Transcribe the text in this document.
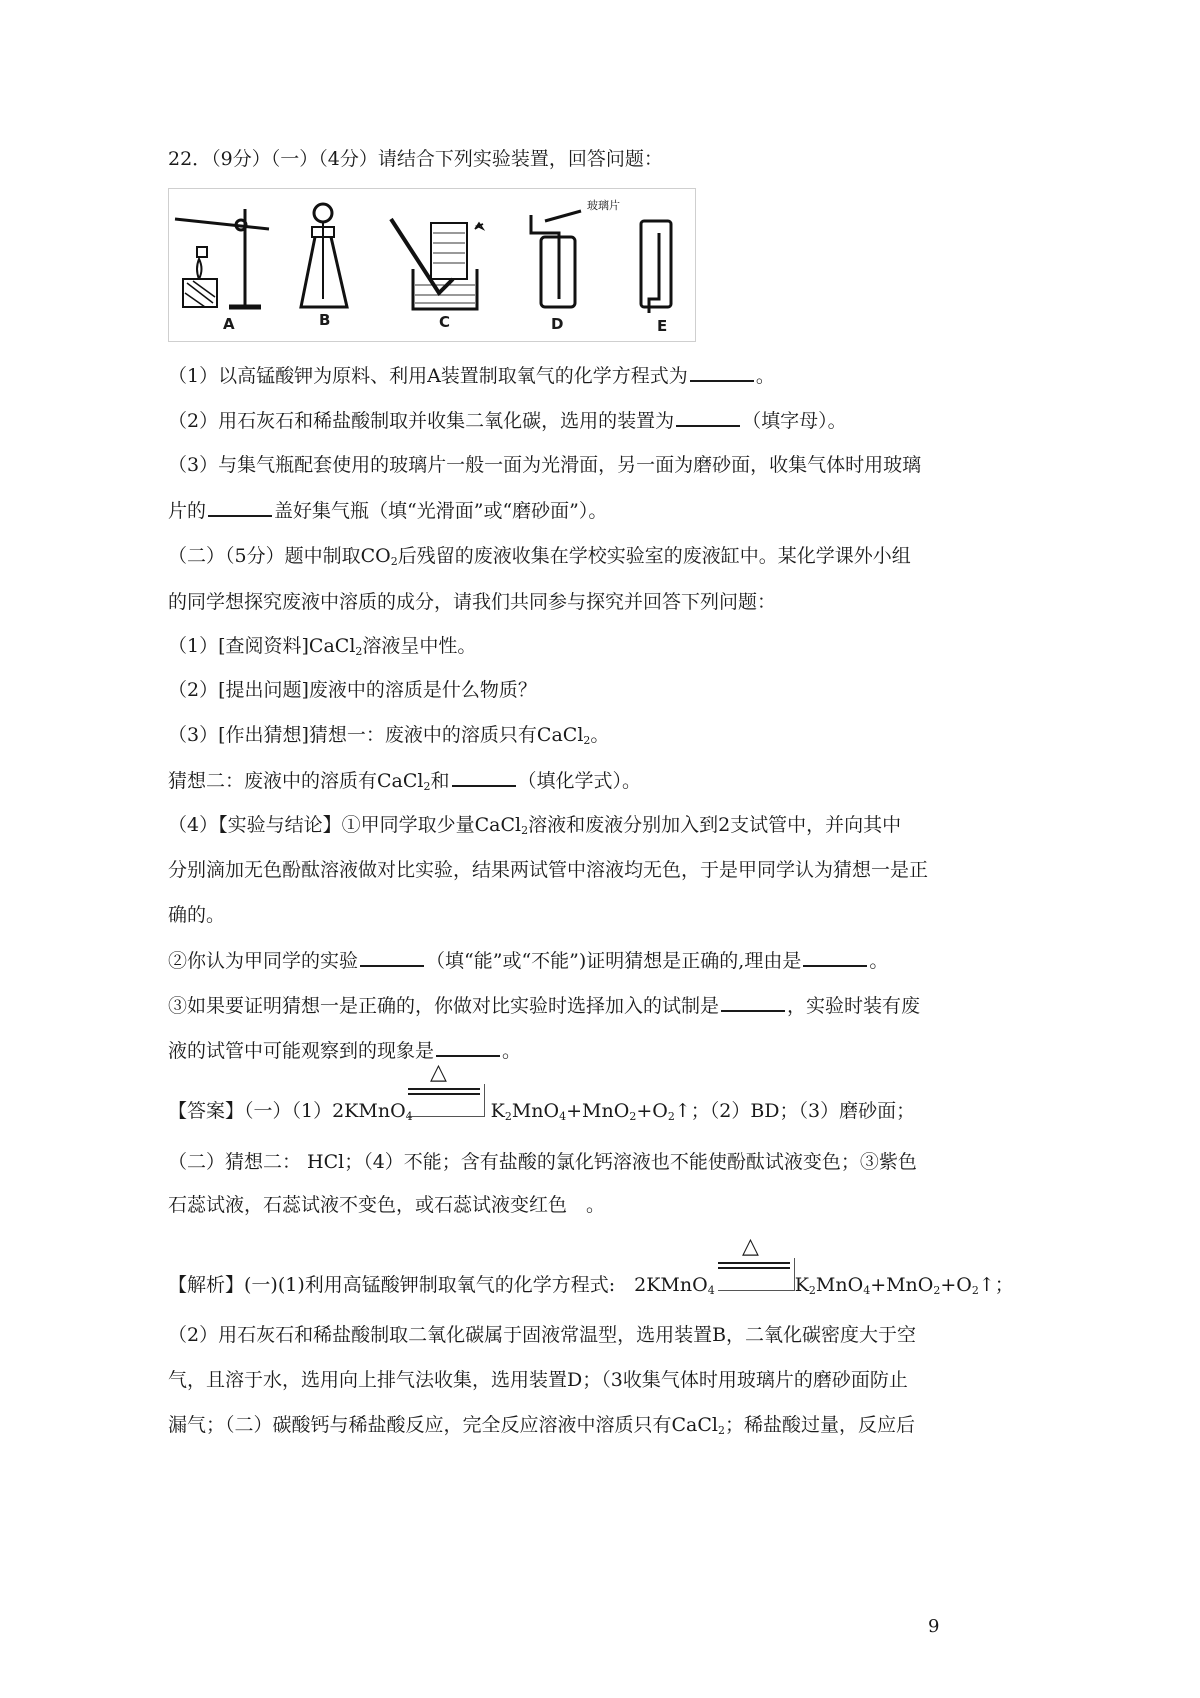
22．（9分）（一）（4分）请结合下列实验装置，回答问题：
玻璃片
A	B	C	D	E
（1）以高锰酸钾为原料、利用A装置制取氧气的化学方程式为	。
（2）用石灰石和稀盐酸制取并收集二氧化碳，选用的装置为	（填字母）。
（3）与集气瓶配套使用的玻璃片一般一面为光滑面，另一面为磨砂面，收集气体时用玻璃
片的	盖好集气瓶（填“光滑面”或“磨砂面”）。
（二）（5分）题中制取$CO_2$后残留的废液收集在学校实验室的废液缸中。某化学课外小组
的同学想探究废液中溶质的成分，请我们共同参与探究并回答下列问题：
（1）[查阅资料]CaCl$_2$溶液呈中性。
（2）[提出问题]废液中的溶质是什么物质？
（3）[作出猜想]猜想一：废液中的溶质只有CaCl$_2$。
猜想二：废液中的溶质有CaCl$_2$和	（填化学式）。
（4）【实验与结论】①甲同学取少量CaCl$_2$溶液和废液分别加入到2支试管中，并向其中
分别滴加无色酚酞溶液做对比实验，结果两试管中溶液均无色，于是甲同学认为猜想一是正
确的。
②你认为甲同学的实验	（填“能”或“不能”)证明猜想是正确的,理由是	。
③如果要证明猜想一是正确的，你做对比实验时选择加入的试制是	，实验时装有废
液的试管中可能观察到的现象是	。
△
【答案】（一）（1）2KMnO$_4$	$K_2MnO_4+MnO_2+O_2↑$；（2）BD；（3）磨砂面；
（二）猜想二： HCl；（4）不能；含有盐酸的氯化钙溶液也不能使酚酞试液变色；③紫色
石蕊试液，石蕊试液不变色，或石蕊试液变红色　。
△
【解析】(一)(1)利用高锰酸钾制取氧气的化学方程式:　2KMnO$_4$	$K_2MnO_4+MnO_2+O_2↑$；
（2）用石灰石和稀盐酸制取二氧化碳属于固液常温型，选用装置B，二氧化碳密度大于空
气，且溶于水，选用向上排气法收集，选用装置D；（3收集气体时用玻璃片的磨砂面防止
漏气；（二）碳酸钙与稀盐酸反应，完全反应溶液中溶质只有CaCl$_2$；稀盐酸过量，反应后
9
